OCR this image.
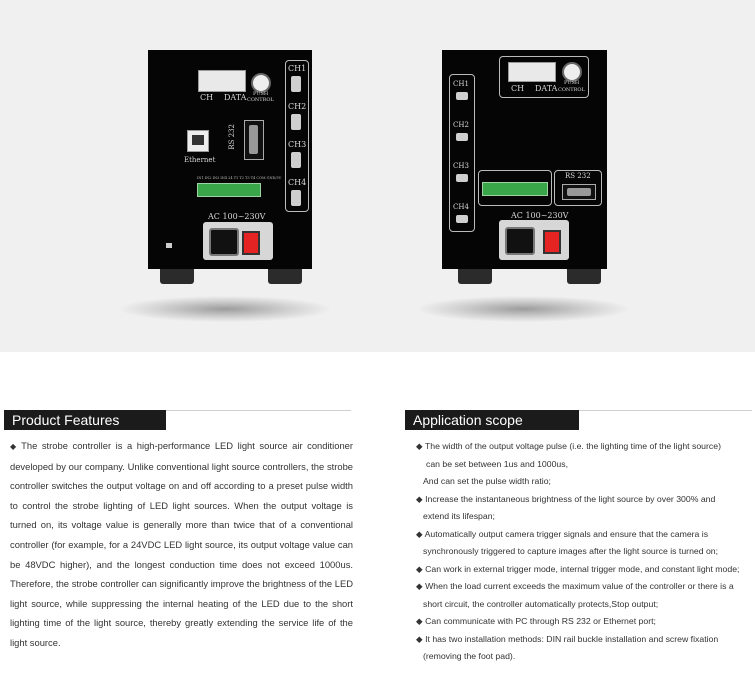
CH DATA PUSH
CONTROL
Ethernet
RS 232
CH1
CH2
CH3
CH4
IN1 IN2 IN3 IN4 24 T1 T2 T3 T4 COM GND/5V
AC 100~230V
CH DATA
PUSH
CONTROL
CH1
CH2
CH3
CH4
RS 232
AC 100~230V
Product Features
◆ The strobe controller is a high-performance LED light source air conditioner developed by our company. Unlike conventional light source controllers, the strobe controller switches the output voltage on and off according to a preset pulse width to control the strobe lighting of LED light sources. When the output voltage is turned on, its voltage value is generally more than twice that of a conventional controller (for example, for a 24VDC LED light source, its output voltage value can be 48VDC higher), and the longest conduction time does not exceed 1000us. Therefore, the strobe controller can significantly improve the brightness of the LED light source, while suppressing the internal heating of the LED due to the short lighting time of the light source, thereby greatly extending the service life of the light source.
Application scope
◆ The width of the output voltage pulse (i.e. the lighting time of the light source)
can be set between 1us and 1000us,
And can set the pulse width ratio;
◆ Increase the instantaneous brightness of the light source by over 300% and
extend its lifespan;
◆ Automatically output camera trigger signals and ensure that the camera is
synchronously triggered to capture images after the light source is turned on;
◆ Can work in external trigger mode, internal trigger mode, and constant light mode;
◆ When the load current exceeds the maximum value of the controller or there is a
short circuit, the controller automatically protects,Stop output;
◆ Can communicate with PC through RS 232 or Ethernet port;
◆ It has two installation methods: DIN rail buckle installation and screw fixation
(removing the foot pad).
